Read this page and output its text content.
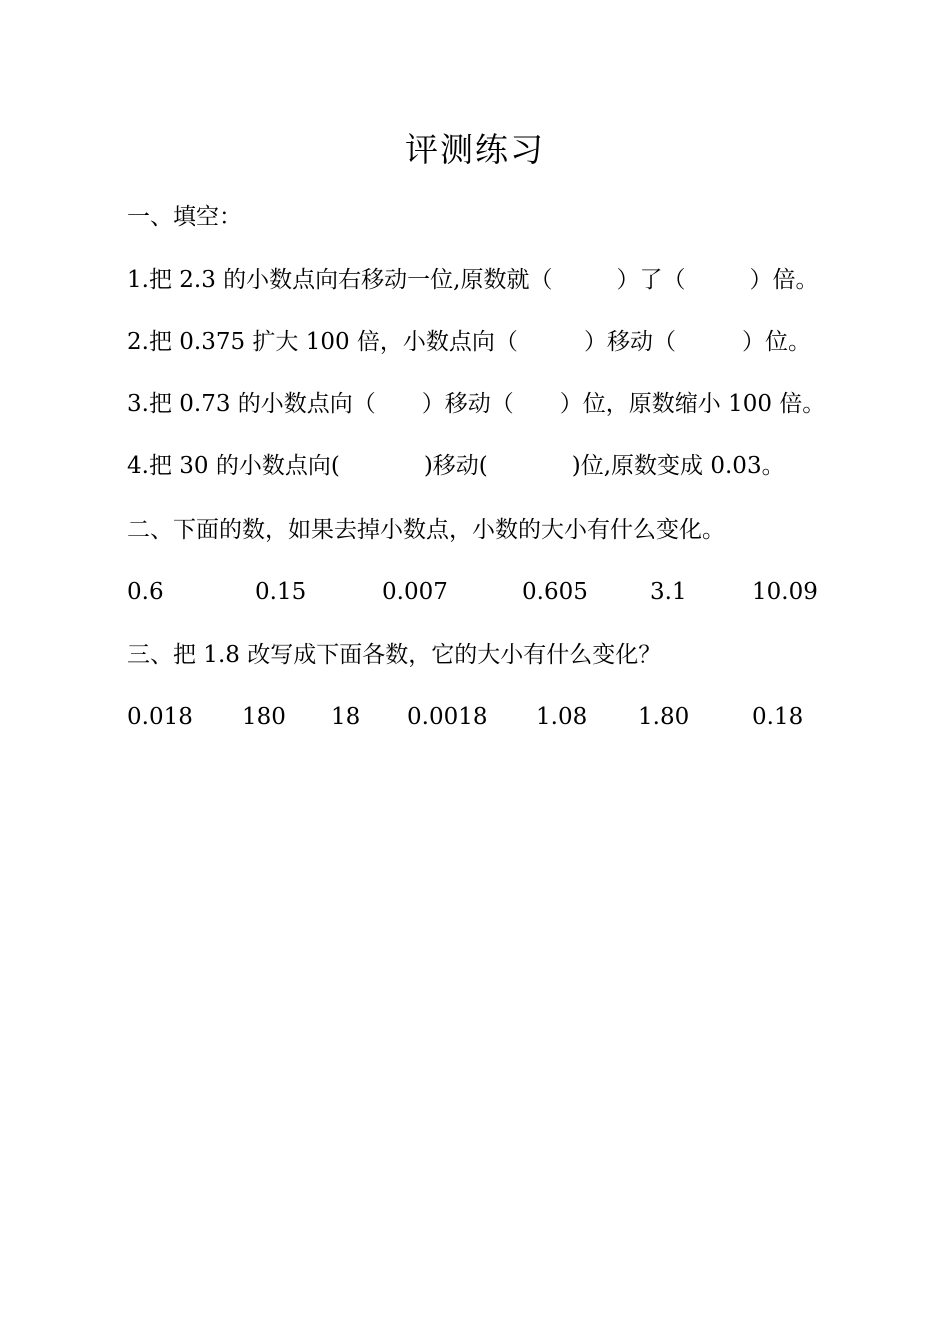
评测练习
一、填空：
1.把 2.3 的小数点向右移动一位,原数就（	）了（	）倍。
2.把 0.375 扩大 100 倍，小数点向（	）移动（	）位。
3.把 0.73 的小数点向（ ）移动（ ）位，原数缩小 100 倍。
4.把 30 的小数点向(	)移动(	)位,原数变成 0.03。
二、下面的数，如果去掉小数点，小数的大小有什么变化。
0.6	0.15	0.007	0.605	3.1	10.09
三、把 1.8 改写成下面各数，它的大小有什么变化？
0.018 180 18 0.0018 1.08 1.80	0.18
